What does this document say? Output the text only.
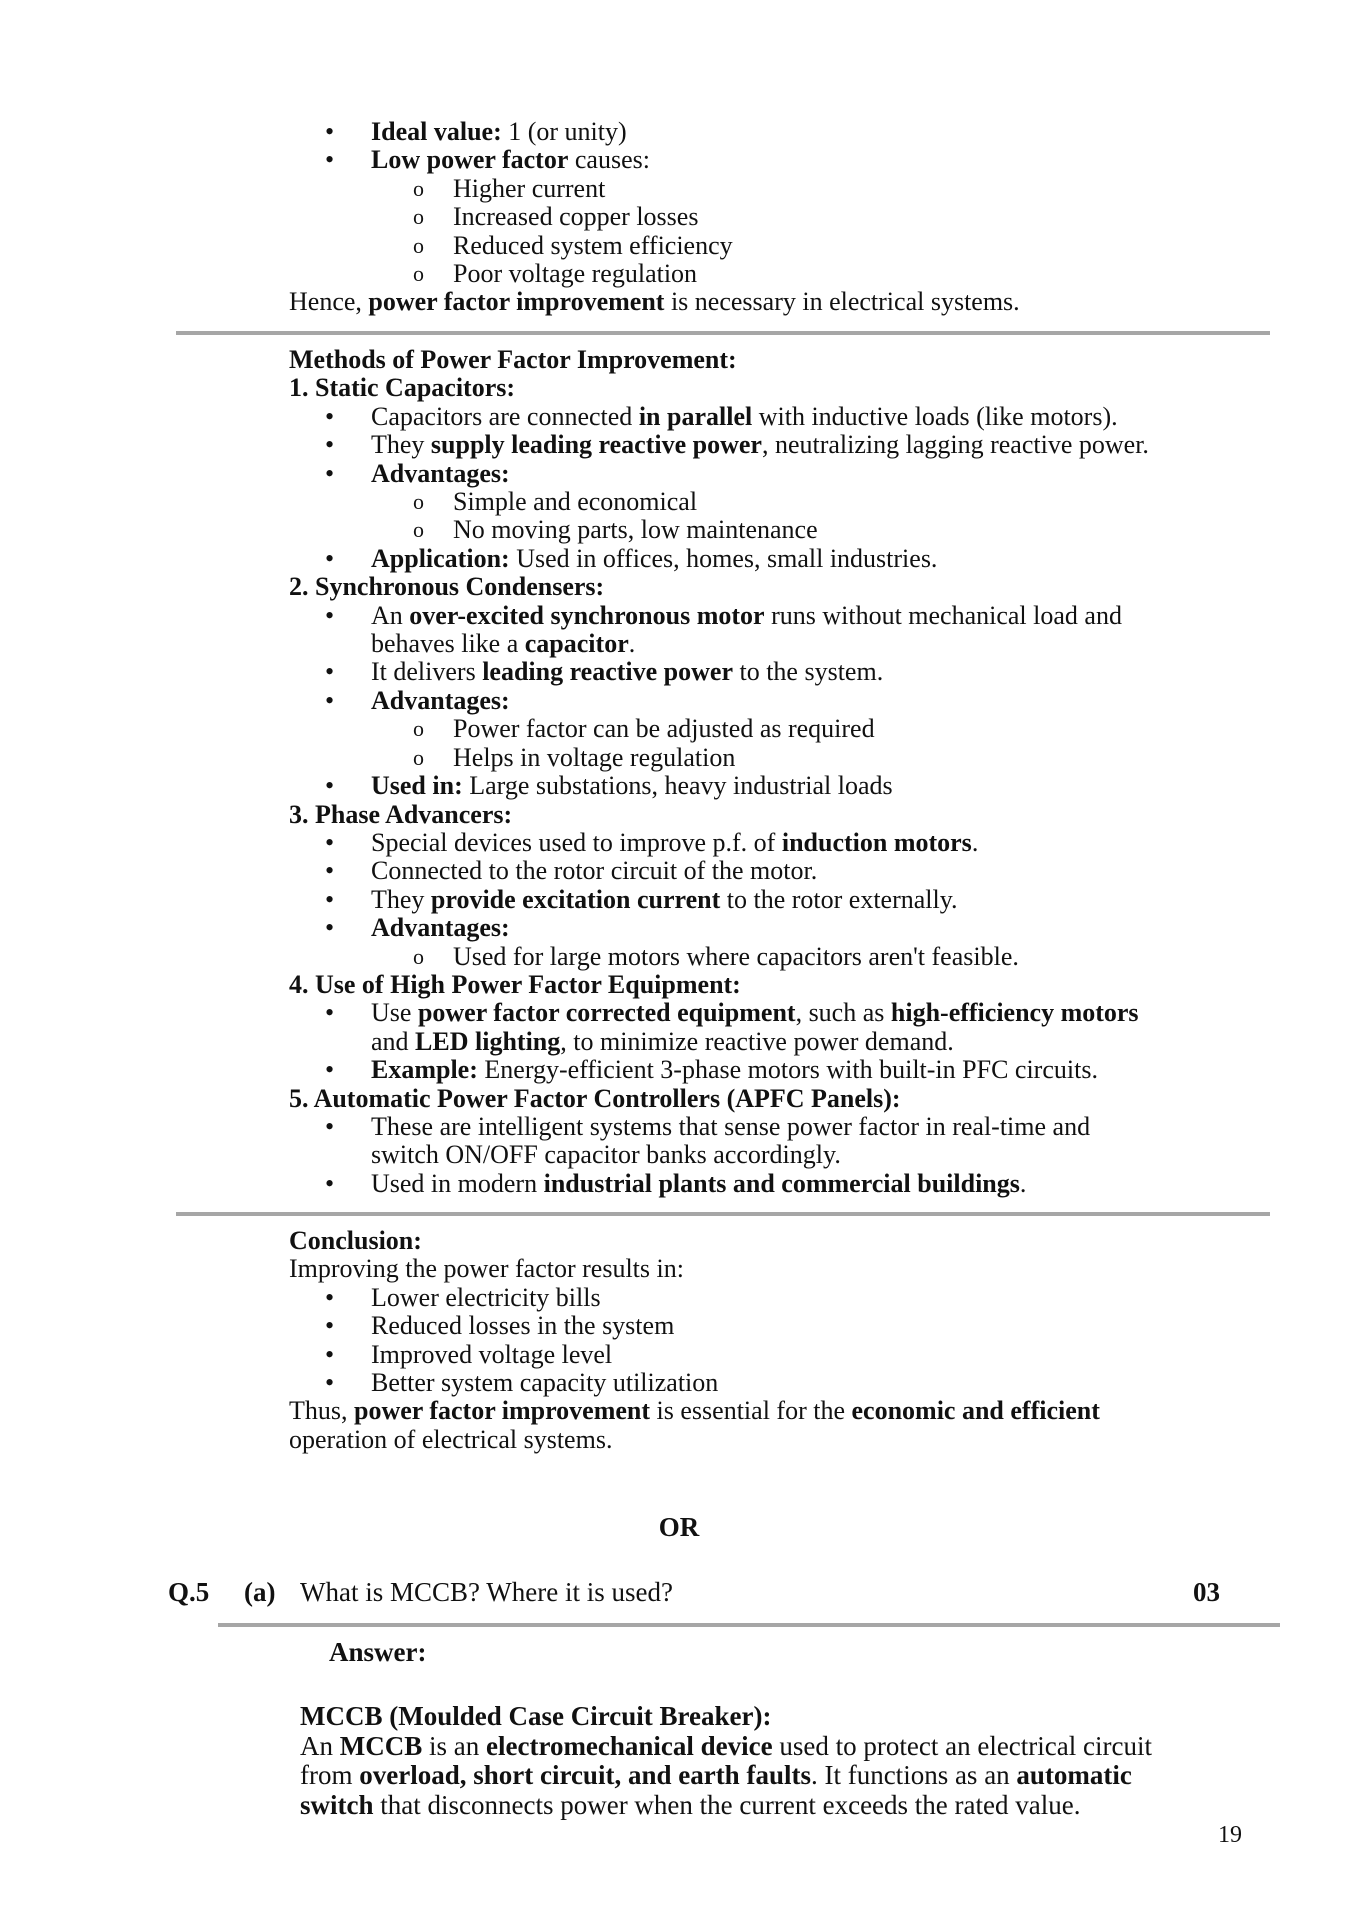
• Ideal value: 1 (or unity)
• Low power factor causes:
o Higher current
o Increased copper losses
o Reduced system efficiency
o Poor voltage regulation
Hence, power factor improvement is necessary in electrical systems.
Methods of Power Factor Improvement:
1. Static Capacitors:
• Capacitors are connected in parallel with inductive loads (like motors).
• They supply leading reactive power, neutralizing lagging reactive power.
• Advantages:
o Simple and economical
o No moving parts, low maintenance
• Application: Used in offices, homes, small industries.
2. Synchronous Condensers:
• An over-excited synchronous motor runs without mechanical load and
behaves like a capacitor.
• It delivers leading reactive power to the system.
• Advantages:
o Power factor can be adjusted as required
o Helps in voltage regulation
• Used in: Large substations, heavy industrial loads
3. Phase Advancers:
• Special devices used to improve p.f. of induction motors.
• Connected to the rotor circuit of the motor.
• They provide excitation current to the rotor externally.
• Advantages:
o Used for large motors where capacitors aren't feasible.
4. Use of High Power Factor Equipment:
• Use power factor corrected equipment, such as high-efficiency motors
and LED lighting, to minimize reactive power demand.
• Example: Energy-efficient 3-phase motors with built-in PFC circuits.
5. Automatic Power Factor Controllers (APFC Panels):
• These are intelligent systems that sense power factor in real-time and
switch ON/OFF capacitor banks accordingly.
• Used in modern industrial plants and commercial buildings.
Conclusion:
Improving the power factor results in:
• Lower electricity bills
• Reduced losses in the system
• Improved voltage level
• Better system capacity utilization
Thus, power factor improvement is essential for the economic and efficient
operation of electrical systems.
OR
Q.5 (a) What is MCCB? Where it is used?	03
Answer:
MCCB (Moulded Case Circuit Breaker):
An MCCB is an electromechanical device used to protect an electrical circuit
from overload, short circuit, and earth faults. It functions as an automatic
switch that disconnects power when the current exceeds the rated value.
19
